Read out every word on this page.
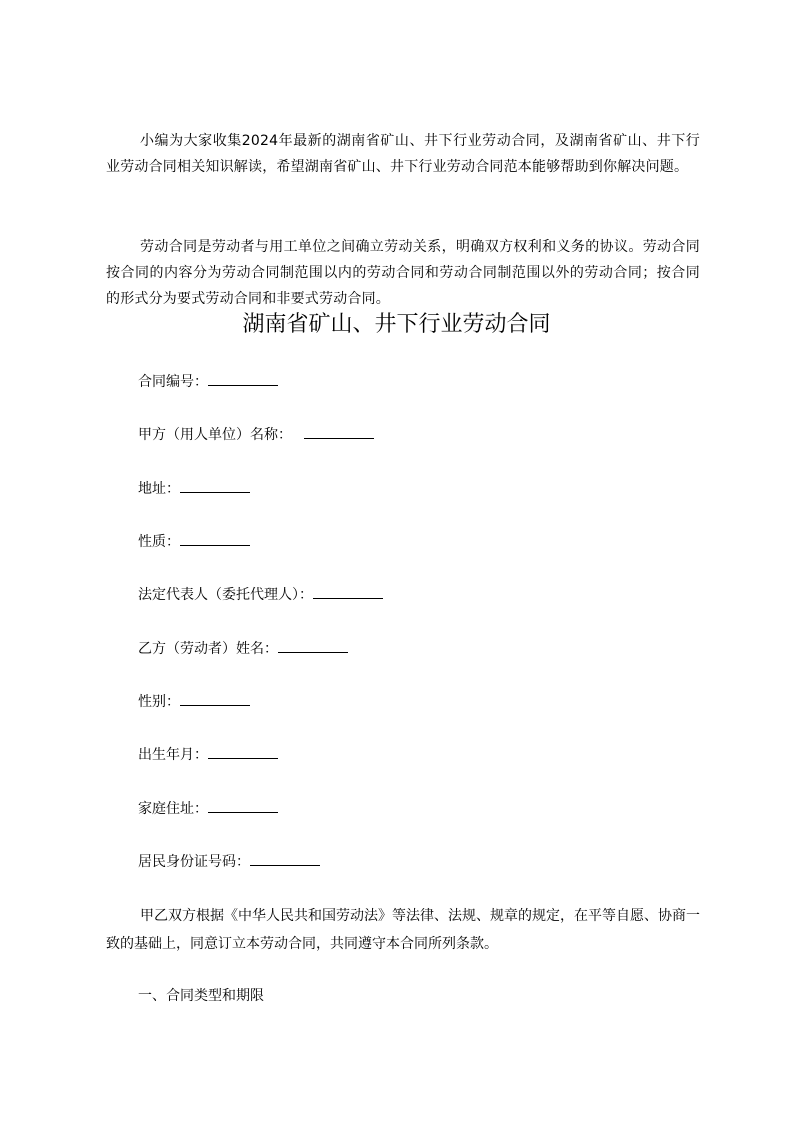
小编为大家收集2024年最新的湖南省矿山、井下行业劳动合同，及湖南省矿山、井下行业劳动合同相关知识解读，希望湖南省矿山、井下行业劳动合同范本能够帮助到你解决问题。

劳动合同是劳动者与用工单位之间确立劳动关系，明确双方权利和义务的协议。劳动合同按合同的内容分为劳动合同制范围以内的劳动合同和劳动合同制范围以外的劳动合同；按合同的形式分为要式劳动合同和非要式劳动合同。

湖南省矿山、井下行业劳动合同
合同编号：
甲方（用人单位）名称：
地址：
性质：
法定代表人（委托代理人）：
乙方（劳动者）姓名：
性别：
出生年月：
家庭住址：
居民身份证号码：

甲乙双方根据《中华人民共和国劳动法》等法律、法规、规章的规定，在平等自愿、协商一致的基础上，同意订立本劳动合同，共同遵守本合同所列条款。

一、合同类型和期限
